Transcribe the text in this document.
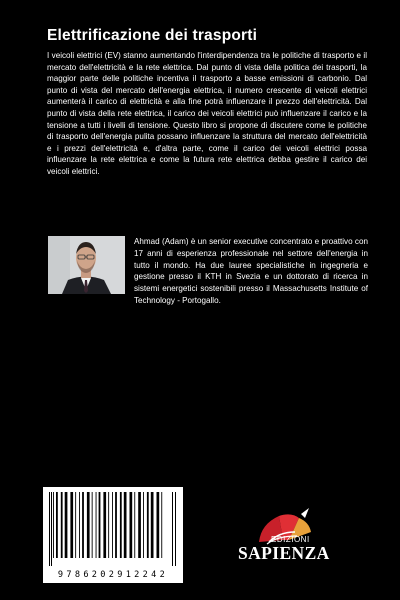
Elettrificazione dei trasporti
I veicoli elettrici (EV) stanno aumentando l'interdipendenza tra le politiche di trasporto e il mercato dell'elettricità e la rete elettrica. Dal punto di vista della politica dei trasporti, la maggior parte delle politiche incentiva il trasporto a basse emissioni di carbonio. Dal punto di vista del mercato dell'energia elettrica, il numero crescente di veicoli elettrici aumenterà il carico di elettricità e alla fine potrà influenzare il prezzo dell'elettricità. Dal punto di vista della rete elettrica, il carico dei veicoli elettrici può influenzare il carico e la tensione a tutti i livelli di tensione. Questo libro si propone di discutere come le politiche di trasporto dell'energia pulita possano influenzare la struttura del mercato dell'elettricità e i prezzi dell'elettricità e, d'altra parte, come il carico dei veicoli elettrici possa influenzare la rete elettrica e come la futura rete elettrica debba gestire il carico dei veicoli elettrici.
Ahmad (Adam) è un senior executive concentrato e proattivo con 17 anni di esperienza professionale nel settore dell'energia in tutto il mondo. Ha due lauree specialistiche in ingegneria e gestione presso il KTH in Svezia e un dottorato di ricerca in sistemi energetici sostenibili presso il Massachusetts Institute of Technology - Portogallo.
9786202912242
EDIZIONI
SAPIENZA
